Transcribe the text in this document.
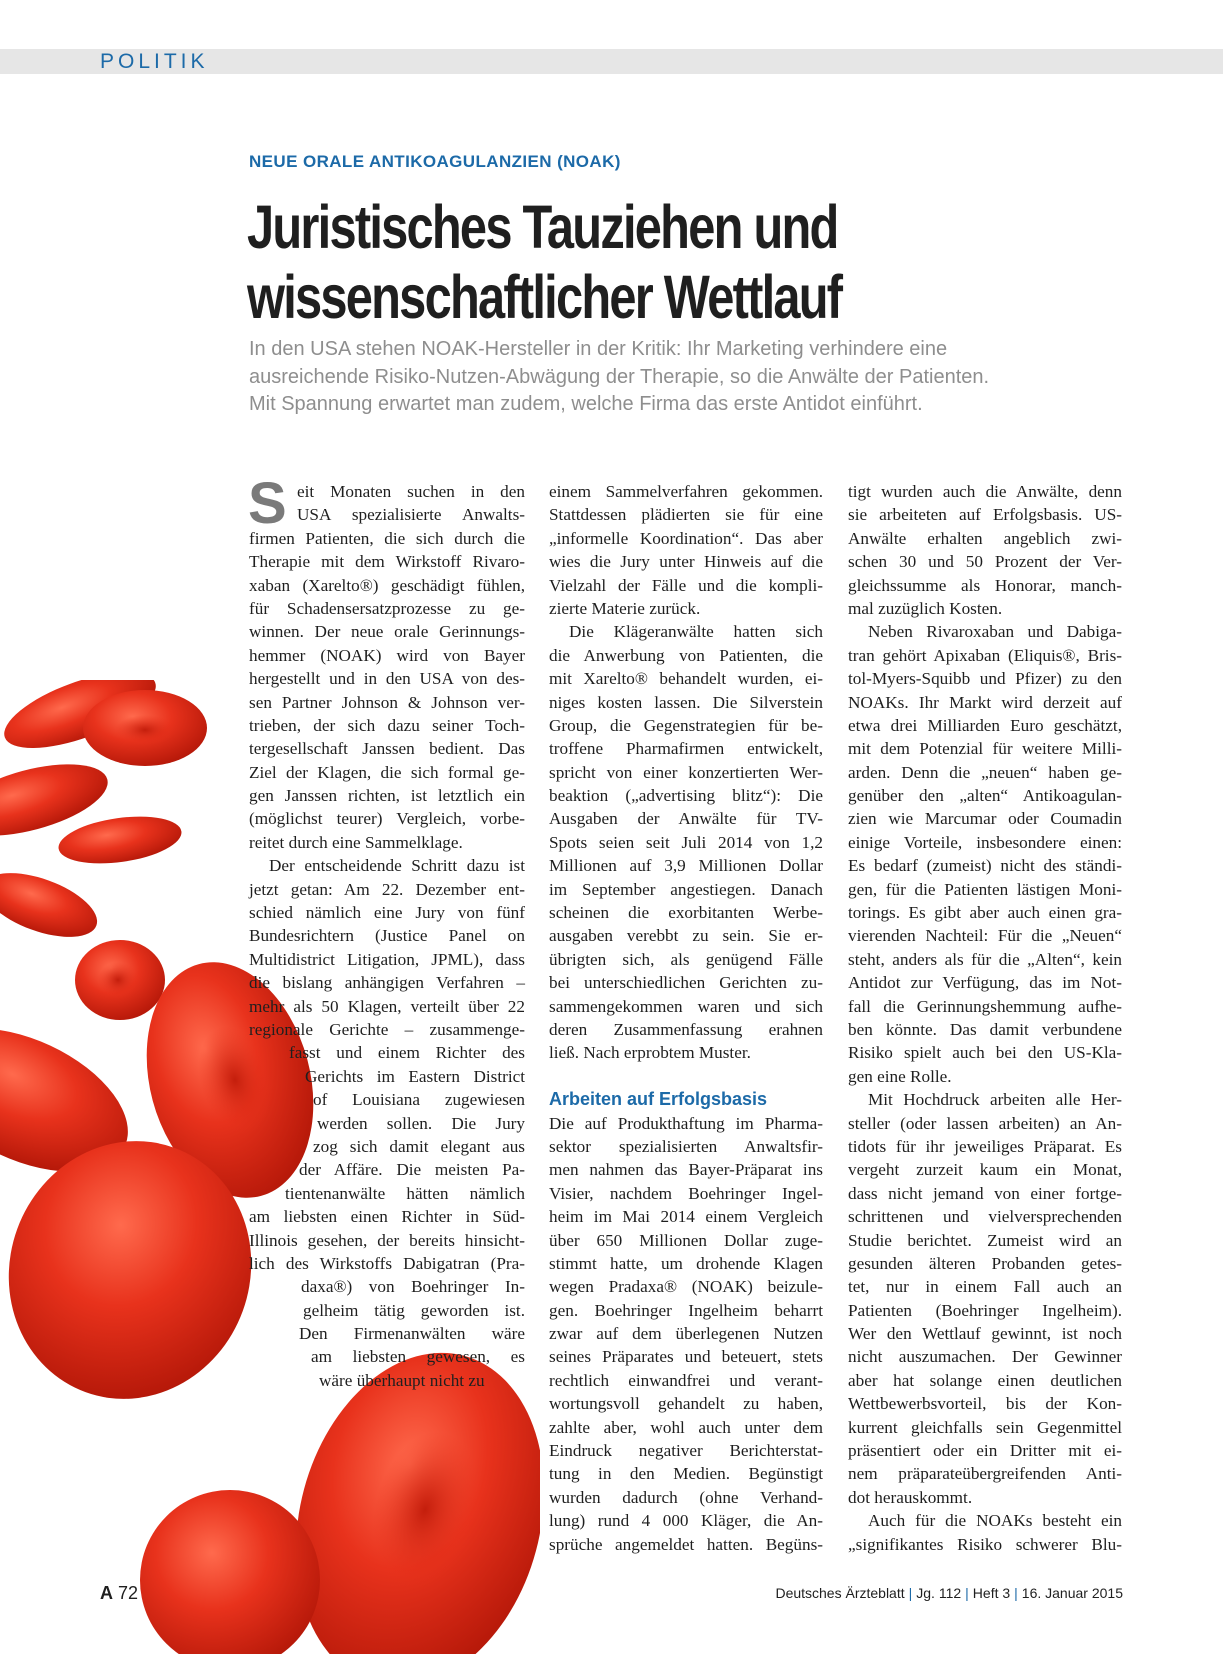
POLITIK
NEUE ORALE ANTIKOAGULANZIEN (NOAK)
Juristisches Tauziehen und
wissenschaftlicher Wettlauf
In den USA stehen NOAK-Hersteller in der Kritik: Ihr Marketing verhindere eine
ausreichende Risiko-Nutzen-Abwägung der Therapie, so die Anwälte der Patienten.
Mit Spannung erwartet man zudem, welche Firma das erste Antidot einführt.
S eit Monaten suchen in den
USA spezialisierte Anwalts-
firmen Patienten, die sich durch die
Therapie mit dem Wirkstoff Rivaro-
xaban (Xarelto®) geschädigt fühlen,
für Schadensersatzprozesse zu ge-
winnen. Der neue orale Gerinnungs-
hemmer (NOAK) wird von Bayer
hergestellt und in den USA von des-
sen Partner Johnson & Johnson ver-
trieben, der sich dazu seiner Toch-
tergesellschaft Janssen bedient. Das
Ziel der Klagen, die sich formal ge-
gen Janssen richten, ist letztlich ein
(möglichst teurer) Vergleich, vorbe-
reitet durch eine Sammelklage.
Der entscheidende Schritt dazu ist
jetzt getan: Am 22. Dezember ent-
schied nämlich eine Jury von fünf
Bundesrichtern (Justice Panel on
Multidistrict Litigation, JPML), dass
die bislang anhängigen Verfahren –
mehr als 50 Klagen, verteilt über 22
regionale Gerichte – zusammenge-
fasst und einem Richter des
Gerichts im Eastern District
of Louisiana zugewiesen
werden sollen. Die Jury
zog sich damit elegant aus
der Affäre. Die meisten Pa-
tientenanwälte hätten nämlich
am liebsten einen Richter in Süd-
Illinois gesehen, der bereits hinsicht-
lich des Wirkstoffs Dabigatran (Pra-
daxa®) von Boehringer In-
gelheim tätig geworden ist.
Den Firmenanwälten wäre
am liebsten gewesen, es
wäre überhaupt nicht zu
einem Sammelverfahren gekommen.
Stattdessen plädierten sie für eine
„informelle Koordination“. Das aber
wies die Jury unter Hinweis auf die
Vielzahl der Fälle und die kompli-
zierte Materie zurück.
Die Klägeranwälte hatten sich
die Anwerbung von Patienten, die
mit Xarelto® behandelt wurden, ei-
niges kosten lassen. Die Silverstein
Group, die Gegenstrategien für be-
troffene Pharmafirmen entwickelt,
spricht von einer konzertierten Wer-
beaktion („advertising blitz“): Die
Ausgaben der Anwälte für TV-
Spots seien seit Juli 2014 von 1,2
Millionen auf 3,9 Millionen Dollar
im September angestiegen. Danach
scheinen die exorbitanten Werbe-
ausgaben verebbt zu sein. Sie er-
übrigten sich, als genügend Fälle
bei unterschiedlichen Gerichten zu-
sammengekommen waren und sich
deren Zusammenfassung erahnen
ließ. Nach erprobtem Muster.
Arbeiten auf Erfolgsbasis
Die auf Produkthaftung im Pharma-
sektor spezialisierten Anwaltsfir-
men nahmen das Bayer-Präparat ins
Visier, nachdem Boehringer Ingel-
heim im Mai 2014 einem Vergleich
über 650 Millionen Dollar zuge-
stimmt hatte, um drohende Klagen
wegen Pradaxa® (NOAK) beizule-
gen. Boehringer Ingelheim beharrt
zwar auf dem überlegenen Nutzen
seines Präparates und beteuert, stets
rechtlich einwandfrei und verant-
wortungsvoll gehandelt zu haben,
zahlte aber, wohl auch unter dem
Eindruck negativer Berichterstat-
tung in den Medien. Begünstigt
wurden dadurch (ohne Verhand-
lung) rund 4 000 Kläger, die An-
sprüche angemeldet hatten. Begüns-
tigt wurden auch die Anwälte, denn
sie arbeiteten auf Erfolgsbasis. US-
Anwälte erhalten angeblich zwi-
schen 30 und 50 Prozent der Ver-
gleichssumme als Honorar, manch-
mal zuzüglich Kosten.
Neben Rivaroxaban und Dabiga-
tran gehört Apixaban (Eliquis®, Bris-
tol-Myers-Squibb und Pfizer) zu den
NOAKs. Ihr Markt wird derzeit auf
etwa drei Milliarden Euro geschätzt,
mit dem Potenzial für weitere Milli-
arden. Denn die „neuen“ haben ge-
genüber den „alten“ Antikoagulan-
zien wie Marcumar oder Coumadin
einige Vorteile, insbesondere einen:
Es bedarf (zumeist) nicht des ständi-
gen, für die Patienten lästigen Moni-
torings. Es gibt aber auch einen gra-
vierenden Nachteil: Für die „Neuen“
steht, anders als für die „Alten“, kein
Antidot zur Verfügung, das im Not-
fall die Gerinnungshemmung aufhe-
ben könnte. Das damit verbundene
Risiko spielt auch bei den US-Kla-
gen eine Rolle.
Mit Hochdruck arbeiten alle Her-
steller (oder lassen arbeiten) an An-
tidots für ihr jeweiliges Präparat. Es
vergeht zurzeit kaum ein Monat,
dass nicht jemand von einer fortge-
schrittenen und vielversprechenden
Studie berichtet. Zumeist wird an
gesunden älteren Probanden getes-
tet, nur in einem Fall auch an
Patienten (Boehringer Ingelheim).
Wer den Wettlauf gewinnt, ist noch
nicht auszumachen. Der Gewinner
aber hat solange einen deutlichen
Wettbewerbsvorteil, bis der Kon-
kurrent gleichfalls sein Gegenmittel
präsentiert oder ein Dritter mit ei-
nem präparateübergreifenden Anti-
dot herauskommt.
Auch für die NOAKs besteht ein
„signifikantes Risiko schwerer Blu-
A 72	Deutsches Ärzteblatt | Jg. 112 | Heft 3 | 16. Januar 2015
